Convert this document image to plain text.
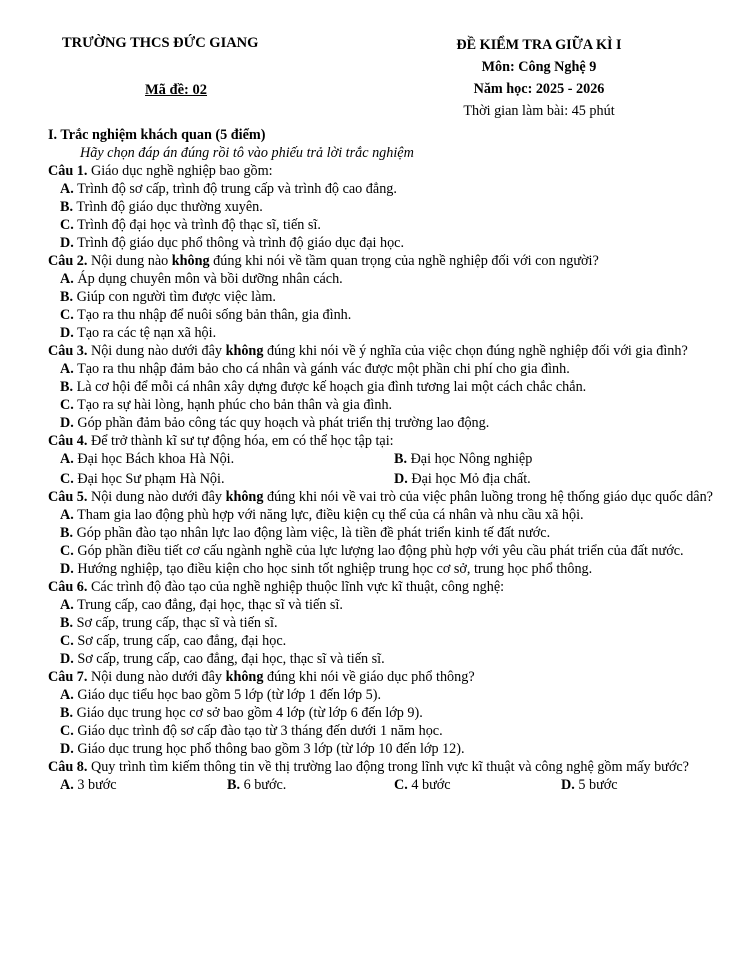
TRƯỜNG THCS ĐỨC GIANG
Mã đề: 02
ĐỀ KIỂM TRA GIỮA KÌ I
Môn: Công Nghệ 9
Năm học: 2025 - 2026
Thời gian làm bài: 45 phút
I. Trắc nghiệm khách quan (5 điểm)
Hãy chọn đáp án đúng rồi tô vào phiếu trả lời trắc nghiệm
Câu 1. Giáo dục nghề nghiệp bao gồm:
A. Trình độ sơ cấp, trình độ trung cấp và trình độ cao đẳng.
B. Trình độ giáo dục thường xuyên.
C. Trình độ đại học và trình độ thạc sĩ, tiến sĩ.
D. Trình độ giáo dục phổ thông và trình độ giáo dục đại học.
Câu 2. Nội dung nào không đúng khi nói về tầm quan trọng của nghề nghiệp đối với con người?
A. Áp dụng chuyên môn và bồi dưỡng nhân cách.
B. Giúp con người tìm được việc làm.
C. Tạo ra thu nhập để nuôi sống bản thân, gia đình.
D. Tạo ra các tệ nạn xã hội.
Câu 3. Nội dung nào dưới đây không đúng khi nói về ý nghĩa của việc chọn đúng nghề nghiệp đối với gia đình?
A. Tạo ra thu nhập đảm bảo cho cá nhân và gánh vác được một phần chi phí cho gia đình.
B. Là cơ hội để mỗi cá nhân xây dựng được kế hoạch gia đình tương lai một cách chắc chắn.
C. Tạo ra sự hài lòng, hạnh phúc cho bản thân và gia đình.
D. Góp phần đảm bảo công tác quy hoạch và phát triển thị trường lao động.
Câu 4. Để trở thành kĩ sư tự động hóa, em có thể học tập tại:
A. Đại học Bách khoa Hà Nội.	B. Đại học Nông nghiệp
C. Đại học Sư phạm Hà Nội.	D. Đại học Mỏ địa chất.
Câu 5. Nội dung nào dưới đây không đúng khi nói về vai trò của việc phân luồng trong hệ thống giáo dục quốc dân?
A. Tham gia lao động phù hợp với năng lực, điều kiện cụ thể của cá nhân và nhu cầu xã hội.
B. Góp phần đào tạo nhân lực lao động làm việc, là tiền đề phát triển kinh tế đất nước.
C. Góp phần điều tiết cơ cấu ngành nghề của lực lượng lao động phù hợp với yêu cầu phát triển của đất nước.
D. Hướng nghiệp, tạo điều kiện cho học sinh tốt nghiệp trung học cơ sở, trung học phổ thông.
Câu 6. Các trình độ đào tạo của nghề nghiệp thuộc lĩnh vực kĩ thuật, công nghệ:
A. Trung cấp, cao đẳng, đại học, thạc sĩ và tiến sĩ.
B. Sơ cấp, trung cấp, thạc sĩ và tiến sĩ.
C. Sơ cấp, trung cấp, cao đẳng, đại học.
D. Sơ cấp, trung cấp, cao đẳng, đại học, thạc sĩ và tiến sĩ.
Câu 7. Nội dung nào dưới đây không đúng khi nói về giáo dục phổ thông?
A. Giáo dục tiểu học bao gồm 5 lớp (từ lớp 1 đến lớp 5).
B. Giáo dục trung học cơ sở bao gồm 4 lớp (từ lớp 6 đến lớp 9).
C. Giáo dục trình độ sơ cấp đào tạo từ 3 tháng đến dưới 1 năm học.
D. Giáo dục trung học phổ thông bao gồm 3 lớp (từ lớp 10 đến lớp 12).
Câu 8. Quy trình tìm kiếm thông tin về thị trường lao động trong lĩnh vực kĩ thuật và công nghệ gồm mấy bước?
A. 3 bước	B. 6 bước.	C. 4 bước	D. 5 bước
